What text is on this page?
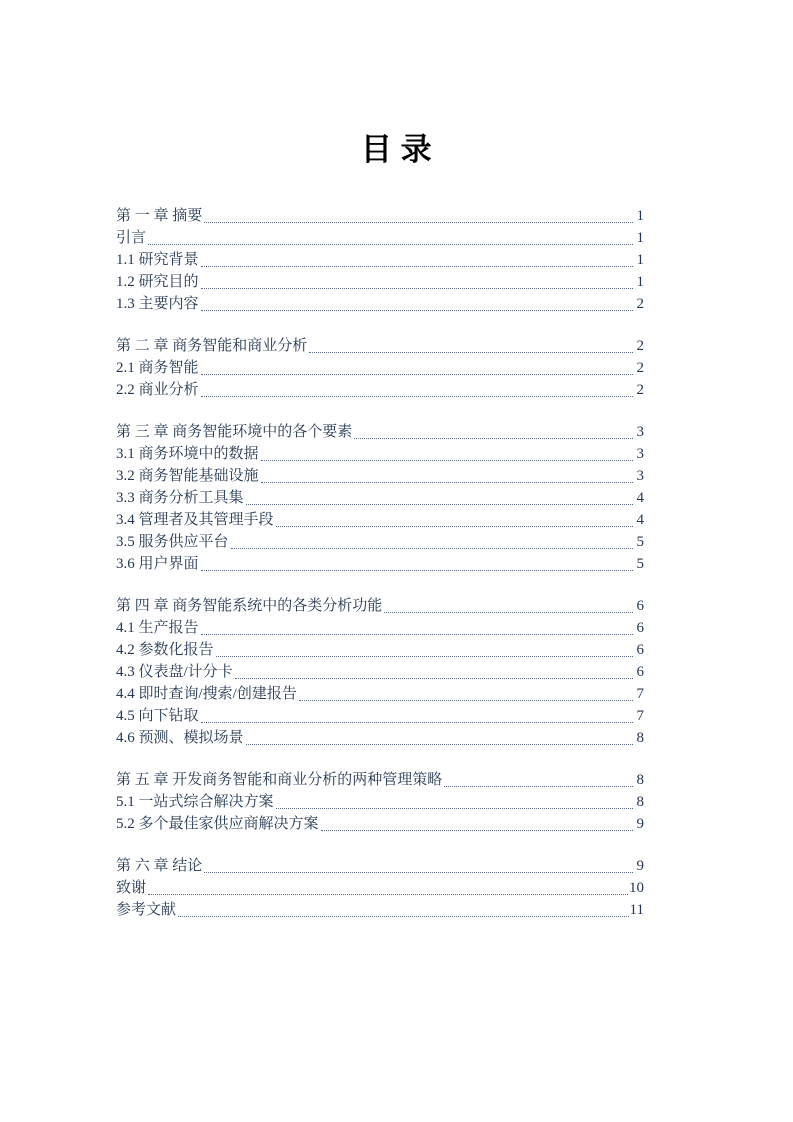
目 录
第 一 章 摘要	1
引言	1
1.1 研究背景	1
1.2 研究目的	1
1.3 主要内容	2
第 二 章 商务智能和商业分析	2
2.1 商务智能	2
2.2 商业分析	2
第 三 章 商务智能环境中的各个要素	3
3.1 商务环境中的数据	3
3.2 商务智能基础设施	3
3.3 商务分析工具集	4
3.4 管理者及其管理手段	4
3.5 服务供应平台	5
3.6 用户界面	5
第 四 章 商务智能系统中的各类分析功能	6
4.1 生产报告	6
4.2 参数化报告	6
4.3 仪表盘/计分卡	6
4.4 即时查询/搜索/创建报告	7
4.5 向下钻取	7
4.6 预测、模拟场景	8
第 五 章 开发商务智能和商业分析的两种管理策略	8
5.1 一站式综合解决方案	8
5.2 多个最佳家供应商解决方案	9
第 六 章 结论	9
致谢	10
参考文献	11
